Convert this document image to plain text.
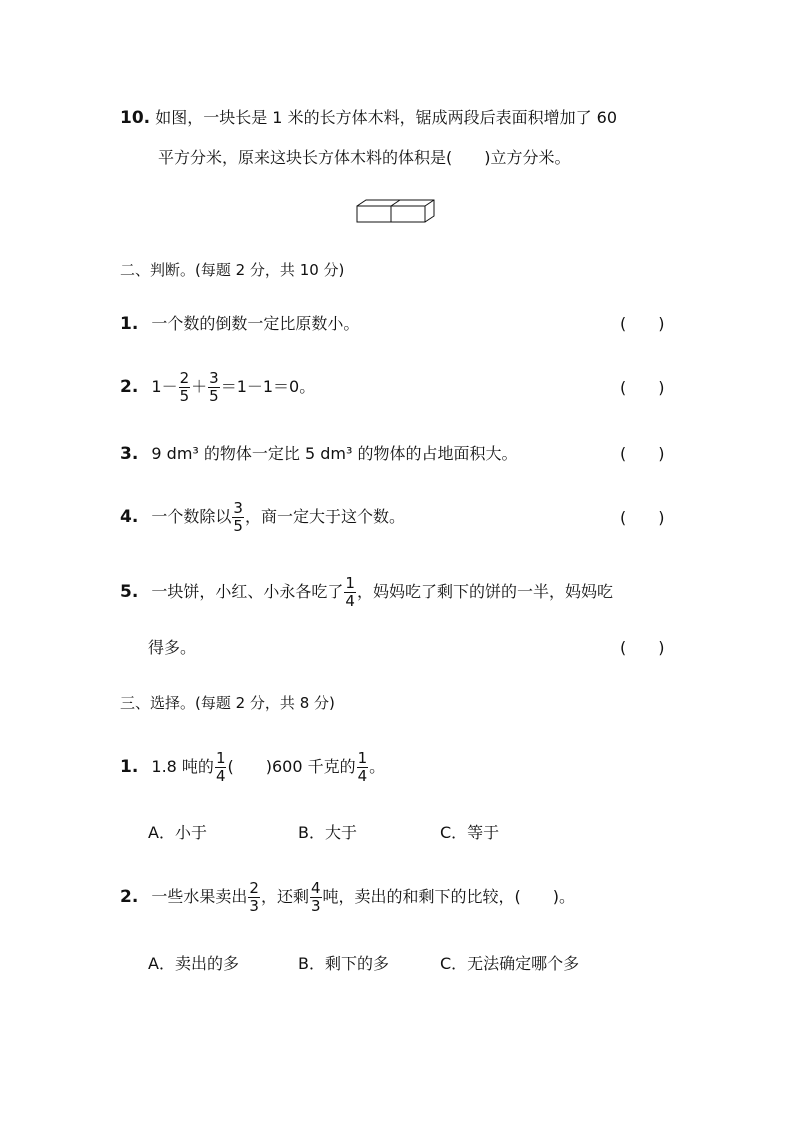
10. 如图，一块长是 1 米的长方体木料，锯成两段后表面积增加了 60
平方分米，原来这块长方体木料的体积是(　　)立方分米。
二、判断。(每题 2 分，共 10 分)
1. 一个数的倒数一定比原数小。	(　　)
2. $1- \frac{2}{5} + \frac{3}{5} =1-1=0$。	(　　)
3. 9 dm³ 的物体一定比 5 dm³ 的物体的占地面积大。	(　　)
4. 一个数除以 $\frac{3}{5}$ ，商一定大于这个数。	(　　)
5. 一块饼，小红、小永各吃了 $\frac{1}{4}$ ，妈妈吃了剩下的饼的一半，妈妈吃
得多。	(　　)
三、选择。(每题 2 分，共 8 分)
1. 1.8 吨的 $\frac{1}{4}$ (　　)600 千克的 $\frac{1}{4}$ 。
A．小于	B．大于	C．等于
2. 一些水果卖出 $\frac{2}{3}$ ，还剩 $\frac{4}{3}$ 吨，卖出的和剩下的比较，(　　)。
A．卖出的多	B．剩下的多	C．无法确定哪个多
